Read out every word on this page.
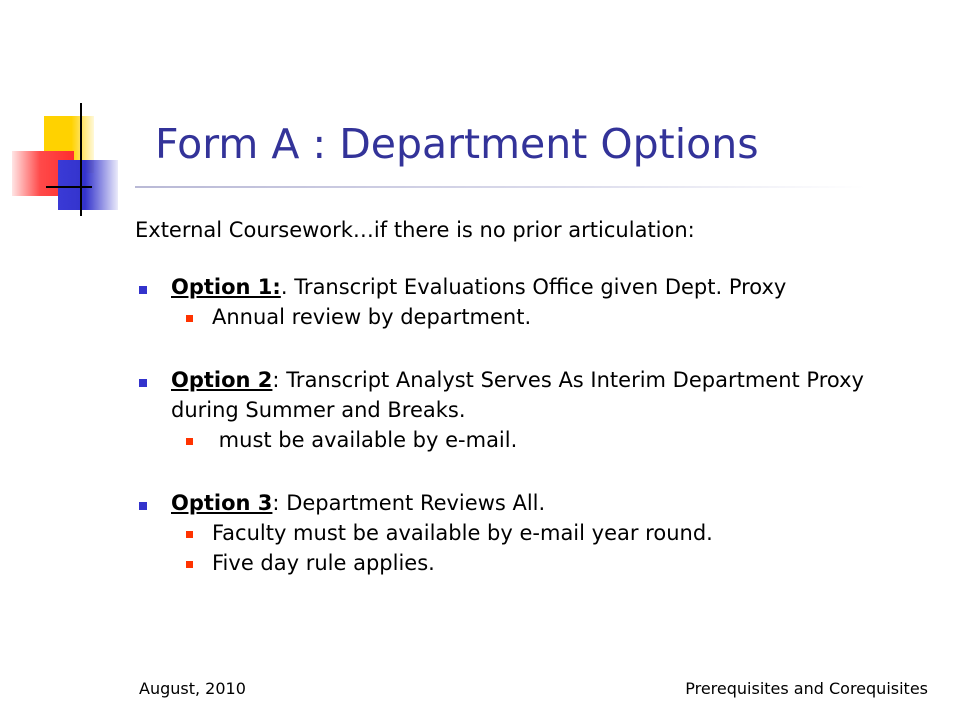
Form A : Department Options

External Coursework…if there is no prior articulation:

Option 1:. Transcript Evaluations Office given Dept. Proxy

Annual review by department.

Option 2: Transcript Analyst Serves As Interim Department Proxy during Summer and Breaks.

must be available by e-mail.

Option 3: Department Reviews All.

Faculty must be available by e-mail year round.

Five day rule applies.

August, 2010	Prerequisites and Corequisites
